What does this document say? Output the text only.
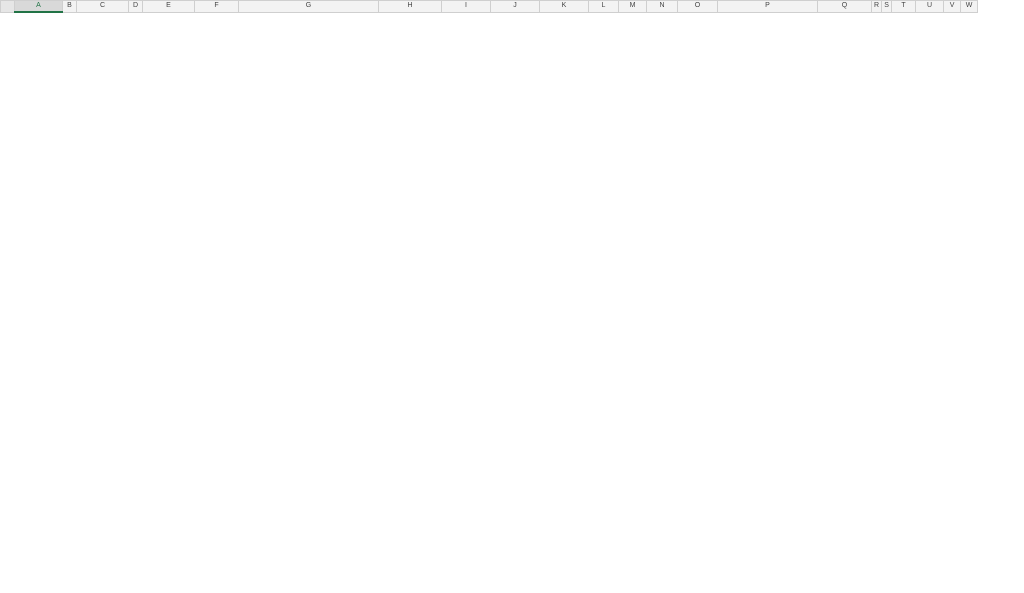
	A	B	C	D	E	F	G	H	I	J	K	L	M	N	O	P	Q	R	S	T	U	V	W
